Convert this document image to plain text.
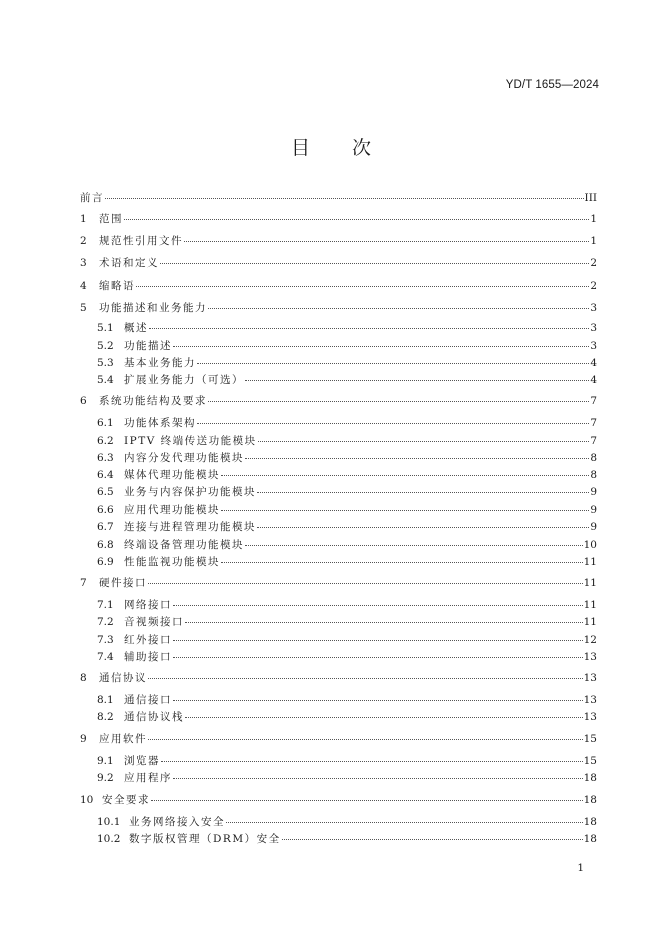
YD/T 1655—2024
目次
前言	III
1	范围	1
2	规范性引用文件	1
3	术语和定义	2
4	缩略语	2
5	功能描述和业务能力	3
5.1 概述	3
5.2 功能描述	3
5.3 基本业务能力	4
5.4 扩展业务能力（可选）	4
6	系统功能结构及要求	7
6.1 功能体系架构	7
6.2 IPTV 终端传送功能模块	7
6.3 内容分发代理功能模块	8
6.4 媒体代理功能模块	8
6.5 业务与内容保护功能模块	9
6.6 应用代理功能模块	9
6.7 连接与进程管理功能模块	9
6.8 终端设备管理功能模块	10
6.9 性能监视功能模块	11
7	硬件接口	11
7.1 网络接口	11
7.2 音视频接口	11
7.3 红外接口	12
7.4 辅助接口	13
8	通信协议	13
8.1 通信接口	13
8.2 通信协议栈	13
9	应用软件	15
9.1 浏览器	15
9.2 应用程序	18
10 安全要求	18
10.1 业务网络接入安全	18
10.2 数字版权管理（DRM）安全	18
1
